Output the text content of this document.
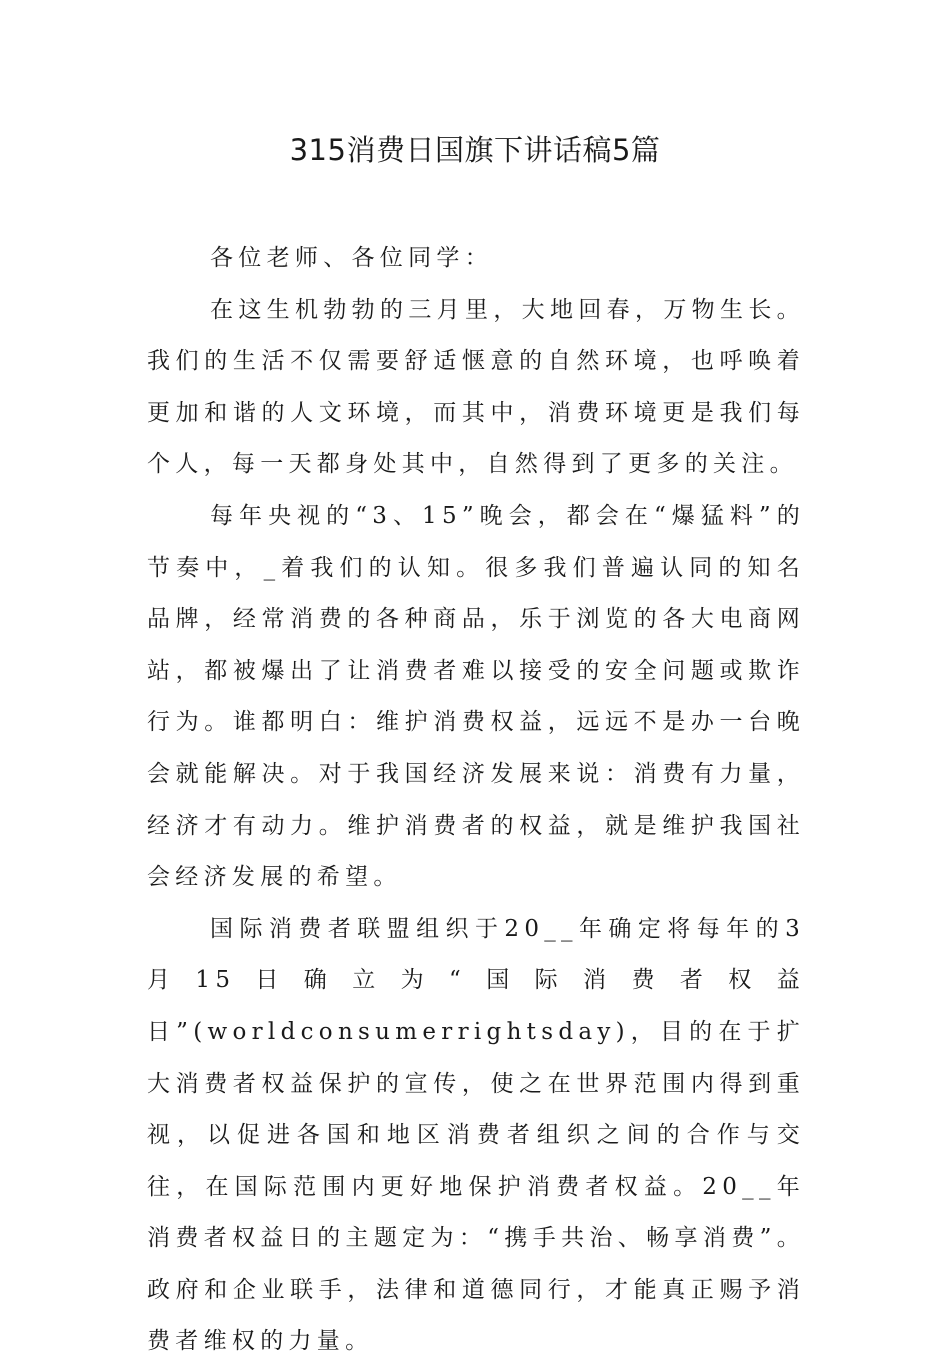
315消费日国旗下讲话稿5篇

各位老师、各位同学：

在这生机勃勃的三月里，大地回春，万物生长。我们的生活不仅需要舒适惬意的自然环境，也呼唤着更加和谐的人文环境，而其中，消费环境更是我们每个人，每一天都身处其中，自然得到了更多的关注。

每年央视的“3、15”晚会，都会在“爆猛料”的节奏中，_着我们的认知。很多我们普遍认同的知名品牌，经常消费的各种商品，乐于浏览的各大电商网站，都被爆出了让消费者难以接受的安全问题或欺诈行为。谁都明白：维护消费权益，远远不是办一台晚会就能解决。对于我国经济发展来说：消费有力量，经济才有动力。维护消费者的权益，就是维护我国社会经济发展的希望。

国际消费者联盟组织于20__年确定将每年的3月15日确立为“国际消费者权益日”(worldconsumerrightsday)，目的在于扩大消费者权益保护的宣传，使之在世界范围内得到重视，以促进各国和地区消费者组织之间的合作与交往，在国际范围内更好地保护消费者权益。20__年消费者权益日的主题定为：“携手共治、畅享消费”。政府和企业联手，法律和道德同行，才能真正赐予消费者维权的力量。
